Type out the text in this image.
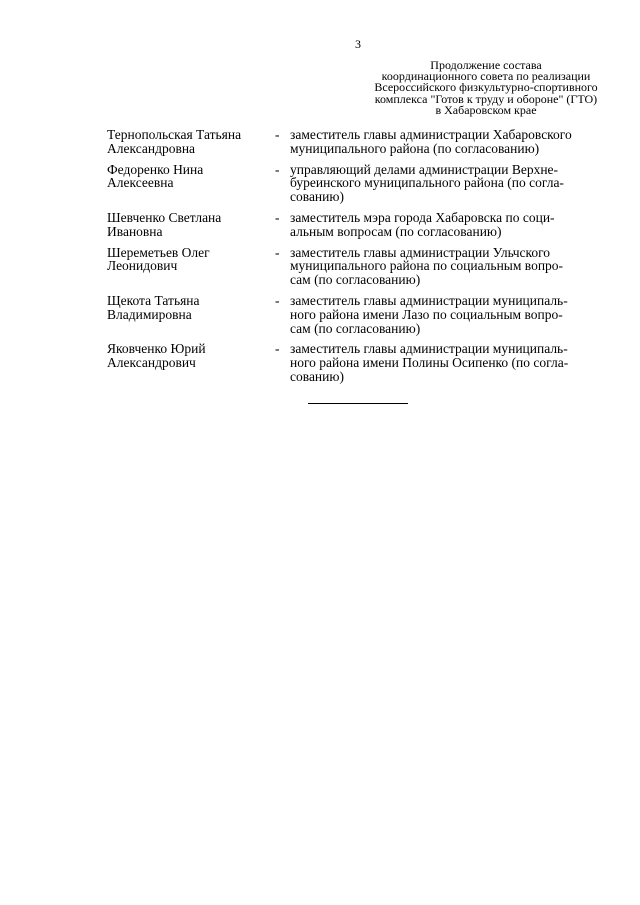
3
Продолжение состава
координационного совета по реализации
Всероссийского физкультурно-спортивного
комплекса "Готов к труду и обороне" (ГТО)
в Хабаровском крае
Тернопольская Татьяна
Александровна
- заместитель главы администрации Хабаровского
муниципального района (по согласованию)
Федоренко Нина
Алексеевна
- управляющий делами администрации Верхне-
буреинского муниципального района (по согла-
сованию)
Шевченко Светлана
Ивановна
- заместитель мэра города Хабаровска по соци-
альным вопросам (по согласованию)
Шереметьев Олег
Леонидович
- заместитель главы администрации Ульчского
муниципального района по социальным вопро-
сам (по согласованию)
Щекота Татьяна
Владимировна
- заместитель главы администрации муниципаль-
ного района имени Лазо по социальным вопро-
сам (по согласованию)
Яковченко Юрий
Александрович
- заместитель главы администрации муниципаль-
ного района имени Полины Осипенко (по согла-
сованию)
